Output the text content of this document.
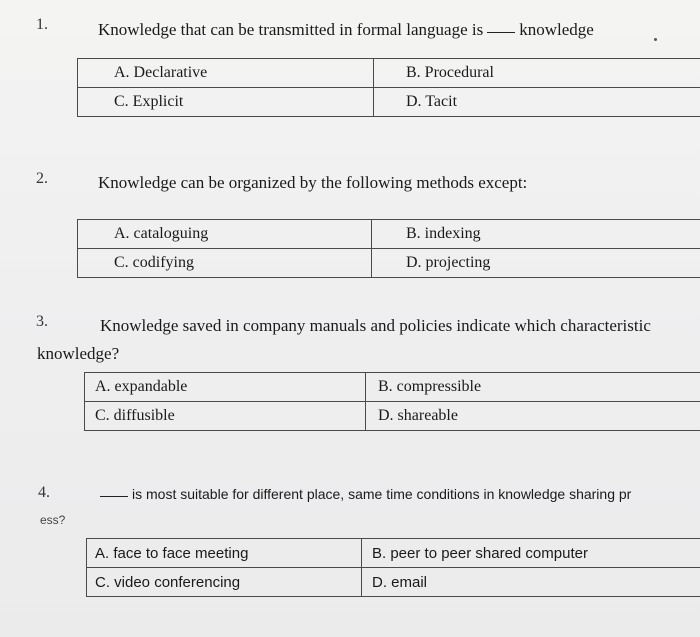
1.	Knowledge that can be transmitted in formal language is knowledge
A. Declarative	B. Procedural
C. Explicit	D. Tacit
2.	Knowledge can be organized by the following methods except:
A. cataloguing	B. indexing
C. codifying	D. projecting
3.	Knowledge saved in company manuals and policies indicate which characteristic
knowledge?
A. expandable	B. compressible
C. diffusible	D. shareable
4.	is most suitable for different place, same time conditions in knowledge sharing pr
ess?
A. face to face meeting	B. peer to peer shared computer
C. video conferencing	D. email
